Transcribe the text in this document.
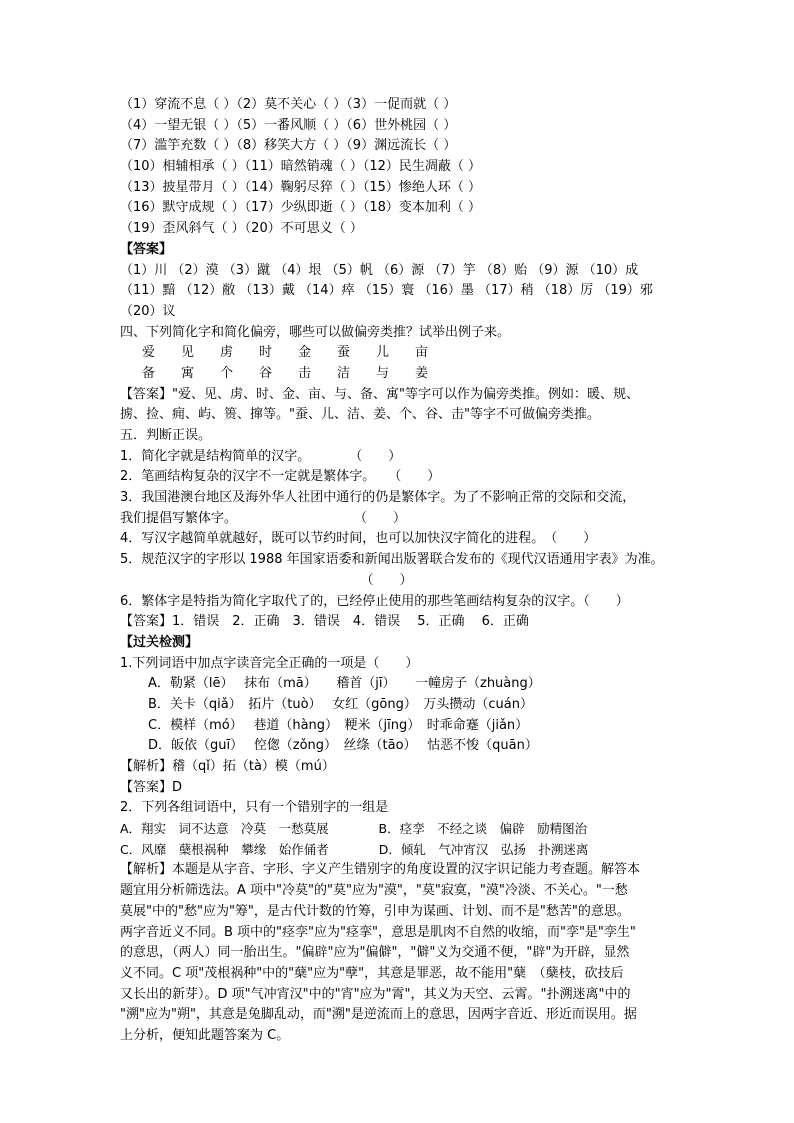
（1）穿流不息（ ）（2）莫不关心（ ）（3）一促而就（ ）
（4）一望无银（ ）（5）一番风顺（ ）（6）世外桃园（ ）
（7）滥竽充数（ ）（8）移笑大方（ ）（9）渊远流长（ ）
（10）相辅相承（ ）（11）暗然销魂（ ）（12）民生凋蔽（ ）
（13）披星带月（ ）（14）鞠躬尽猝（ ）（15）惨绝人环（ ）
（16）默守成规（ ）（17）少纵即逝（ ）（18）变本加利（ ）
（19）歪风斜气（ ）（20）不可思义（ ）
【答案】
（1）川 （2）漠 （3）蹴 （4）垠 （5）帆 （6）源 （7）竽 （8）贻 （9）源 （10）成
（11）黯 （12）敝 （13）戴 （14）瘁 （15）寰 （16）墨 （17）稍 （18）厉 （19）邪
（20）议
四、下列简化字和简化偏旁，哪些可以做偏旁类推？试举出例子来。
爱　　见　　虏　　时　　金　　蚕　　儿　　亩
备　　寓　　个　　谷　　击　　洁　　与　　姜
【答案】"爱、见、虏、时、金、亩、与、备、寓"等字可以作为偏旁类推。例如：暖、规、
掳、捡、痈、屿、篑、撺等。"蚕、儿、洁、姜、个、谷、击"等字不可做偏旁类推。
五．判断正误。
1．简化字就是结构简单的汉字。　　　　（　　）
2．笔画结构复杂的汉字不一定就是繁体字。　　（　　）
3．我国港澳台地区及海外华人社团中通行的仍是繁体字。为了不影响正常的交际和交流，
我们提倡写繁体字。　　　　　　　　　　（　　）
4．写汉字越简单就越好，既可以节约时间，也可以加快汉字简化的进程。　（　　）
5．规范汉字的字形以 1988 年国家语委和新闻出版署联合发布的《现代汉语通用字表》为准。
　　　　　　　　　　　　　　　　　　　（　　）
6．繁体字是特指为简化字取代了的，已经停止使用的那些笔画结构复杂的汉字。（　　）
【答案】1．错误　2．正确　3．错误　4．错误　 5．正确　 6．正确
【过关检测】
1.下列词语中加点字读音完全正确的一项是（　　）
A．勒紧（lē）　 抹布（mā）　　稽首（jī）　　一幢房子（zhuàng）
B．关卡（qiǎ）　拓片（tuò）　 女红（gōng）　万头攒动（cuán）
C．模样（mó）　 巷道（hàng）　粳米（jīng）　时乖命蹇（jiǎn）
D．皈依（guī）　 倥偬（zǒng）　丝绦（tāo）　 怙恶不悛（quān）
【解析】稽（qǐ）拓（tà）模（mú）
【答案】D
2．下列各组词语中，只有一个错别字的一组是
A．翔实　词不达意　冷莫　一愁莫展　　　　B．痉孪　不经之谈　偏辟　励精图治
C．风靡　蘖根祸种　攀缘　始作俑者　　　　D．倾轧　气冲宵汉　弘扬　扑溯迷离
【解析】本题是从字音、字形、字义产生错别字的角度设置的汉字识记能力考查题。解答本
题宜用分析筛选法。A 项中"冷莫"的"莫"应为"漠"，"莫"寂寞，"漠"冷淡、不关心。"一愁
莫展"中的"愁"应为"筹"，是古代计数的竹筹，引申为谋画、计划、而不是"愁苦"的意思。
两字音近义不同。B 项中的"痉孪"应为"痉挛"，意思是肌肉不自然的收缩，而"孪"是"孪生"
的意思，（两人）同一胎出生。"偏辟"应为"偏僻"，"僻"义为交通不便，"辟"为开辟，显然
义不同。C 项"茂根祸种"中的"蘖"应为"孽"，其意是罪恶，故不能用"蘖　（蘖枝，砍技后
又长出的新芽）。D 项"气冲宵汉"中的"宵"应为"霄"，其义为天空、云霄。"扑溯迷离"中的
"溯"应为"朔"，其意是兔脚乱动，而"溯"是逆流而上的意思，因两字音近、形近而误用。据
上分析，便知此题答案为 C。
